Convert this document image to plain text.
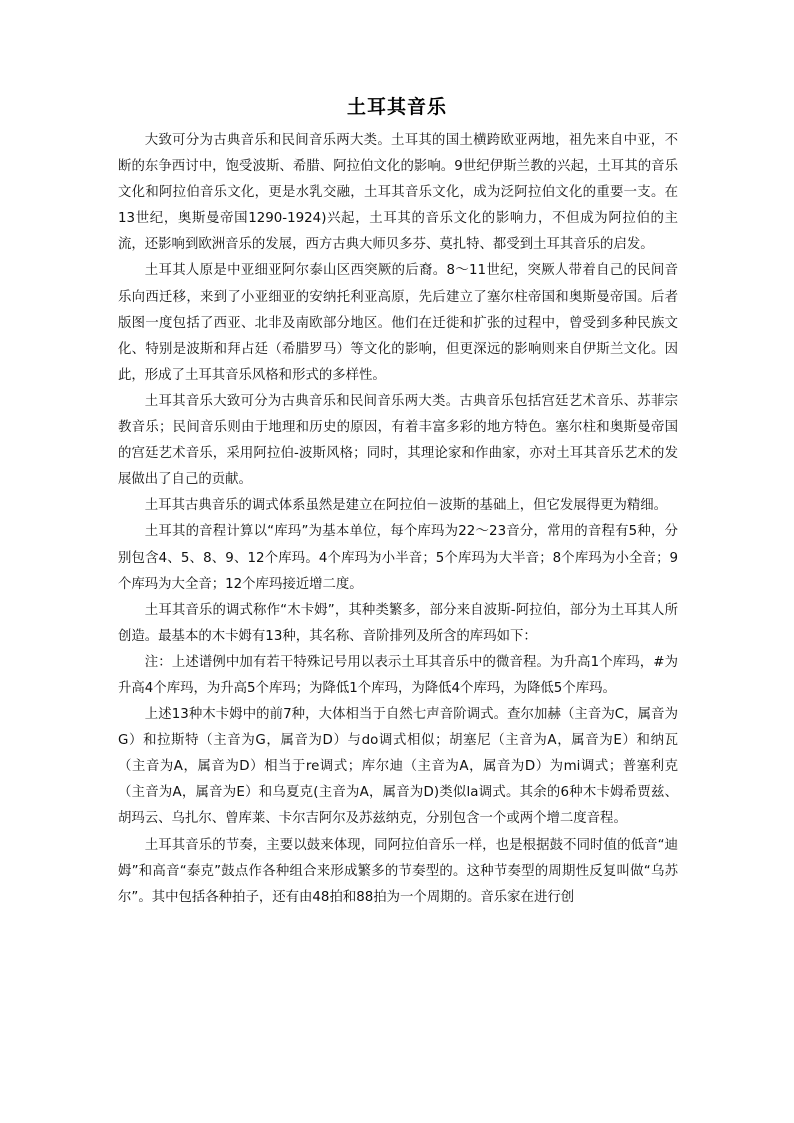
土耳其音乐

大致可分为古典音乐和民间音乐两大类。土耳其的国土横跨欧亚两地，祖先来自中亚，不断的东争西讨中，饱受波斯、希腊、阿拉伯文化的影响。9世纪伊斯兰教的兴起，土耳其的音乐文化和阿拉伯音乐文化，更是水乳交融，土耳其音乐文化，成为泛阿拉伯文化的重要一支。在13世纪，奥斯曼帝国1290-1924)兴起，土耳其的音乐文化的影响力，不但成为阿拉伯的主流，还影响到欧洲音乐的发展，西方古典大师贝多芬、莫扎特、都受到土耳其音乐的启发。

土耳其人原是中亚细亚阿尔泰山区西突厥的后裔。8～11世纪，突厥人带着自己的民间音乐向西迁移，来到了小亚细亚的安纳托利亚高原，先后建立了塞尔柱帝国和奥斯曼帝国。后者版图一度包括了西亚、北非及南欧部分地区。他们在迁徙和扩张的过程中，曾受到多种民族文化、特别是波斯和拜占廷（希腊罗马）等文化的影响，但更深远的影响则来自伊斯兰文化。因此，形成了土耳其音乐风格和形式的多样性。

土耳其音乐大致可分为古典音乐和民间音乐两大类。古典音乐包括宫廷艺术音乐、苏菲宗教音乐；民间音乐则由于地理和历史的原因，有着丰富多彩的地方特色。塞尔柱和奥斯曼帝国的宫廷艺术音乐，采用阿拉伯-波斯风格；同时，其理论家和作曲家，亦对土耳其音乐艺术的发展做出了自己的贡献。

土耳其古典音乐的调式体系虽然是建立在阿拉伯－波斯的基础上，但它发展得更为精细。

土耳其的音程计算以“库玛”为基本单位，每个库玛为22～23音分，常用的音程有5种，分别包含4、5、8、9、12个库玛。4个库玛为小半音；5个库玛为大半音；8个库玛为小全音；9个库玛为大全音；12个库玛接近增二度。

土耳其音乐的调式称作“木卡姆”，其种类繁多，部分来自波斯-阿拉伯，部分为土耳其人所创造。最基本的木卡姆有13种，其名称、音阶排列及所含的库玛如下：

注：上述谱例中加有若干特殊记号用以表示土耳其音乐中的微音程。为升高1个库玛，#为升高4个库玛，为升高5个库玛；为降低1个库玛，为降低4个库玛，为降低5个库玛。

上述13种木卡姆中的前7种，大体相当于自然七声音阶调式。查尔加赫（主音为C，属音为G）和拉斯特（主音为G，属音为D）与do调式相似；胡塞尼（主音为A，属音为E）和纳瓦（主音为A，属音为D）相当于re调式；库尔迪（主音为A，属音为D）为mi调式；普塞利克（主音为A，属音为E）和乌夏克(主音为A，属音为D)类似la调式。其余的6种木卡姆希贾兹、胡玛云、乌扎尔、曾库莱、卡尔吉阿尔及苏兹纳克，分别包含一个或两个增二度音程。

土耳其音乐的节奏，主要以鼓来体现，同阿拉伯音乐一样，也是根据鼓不同时值的低音“迪姆”和高音“泰克”鼓点作各种组合来形成繁多的节奏型的。这种节奏型的周期性反复叫做“乌苏尔”。其中包括各种拍子，还有由48拍和88拍为一个周期的。音乐家在进行创
